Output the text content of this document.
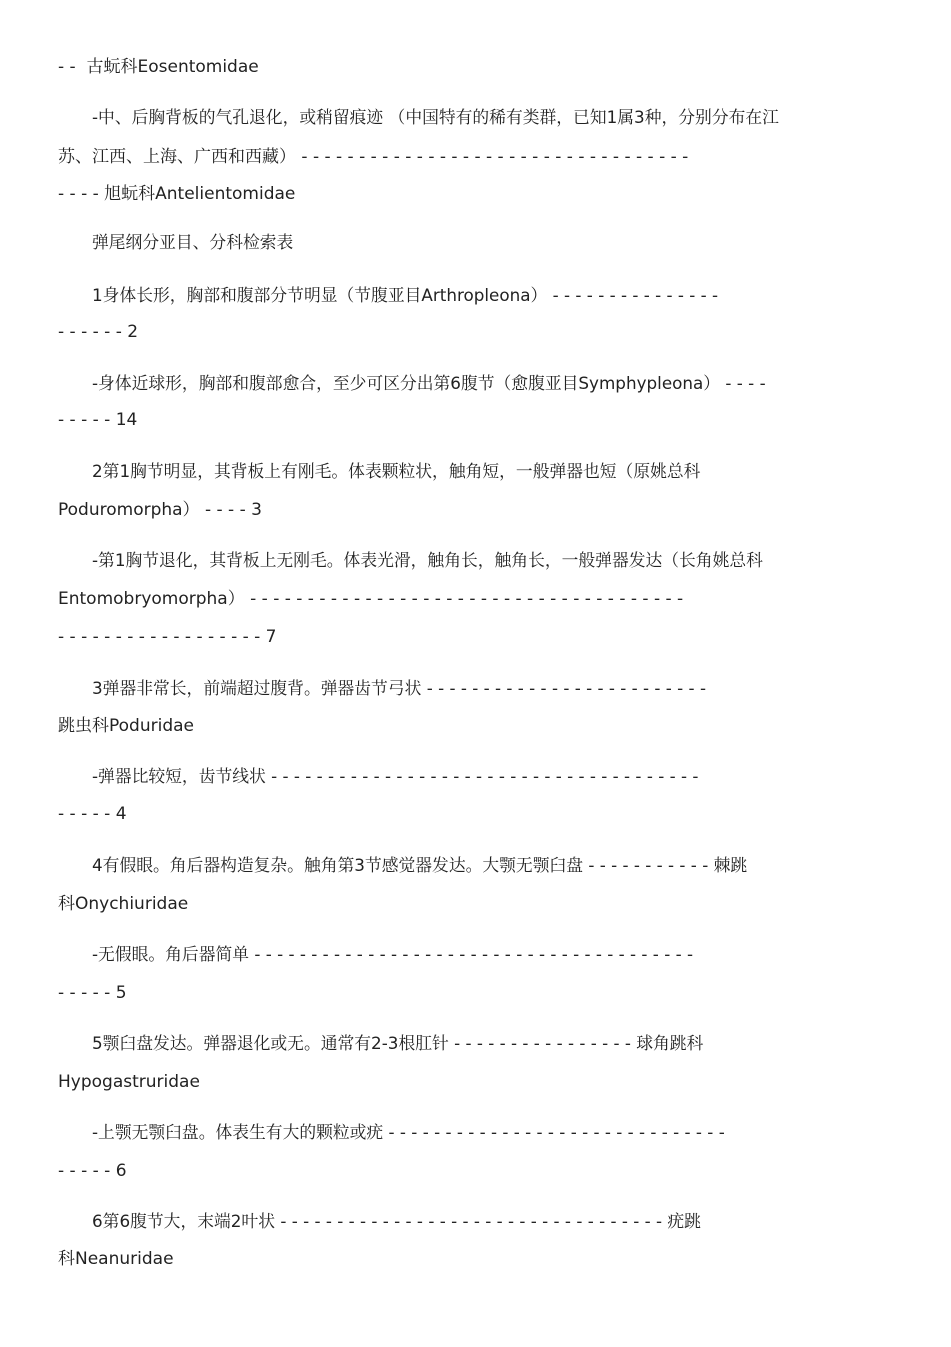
- -  古蚖科Eosentomidae
-中、后胸背板的气孔退化，或稍留痕迹 （中国特有的稀有类群，已知1属3种，分别分布在江
苏、江西、上海、广西和西藏） - - - - - - - - - - - - - - - - - - - - - - - - - - - - - - - - - -
- - - - 旭蚖科Antelientomidae
弹尾纲分亚目、分科检索表
1身体长形，胸部和腹部分节明显（节腹亚目Arthropleona） - - - - - - - - - - - - - - -
- - - - - - 2
-身体近球形，胸部和腹部愈合，至少可区分出第6腹节（愈腹亚目Symphypleona） - - - -
- - - - - 14
2第1胸节明显，其背板上有刚毛。体表颗粒状，触角短，一般弹器也短（原姚总科
Poduromorpha） - - - - 3
-第1胸节退化，其背板上无刚毛。体表光滑，触角长，触角长，一般弹器发达（长角姚总科
Entomobryomorpha） - - - - - - - - - - - - - - - - - - - - - - - - - - - - - - - - - - - - - -
- - - - - - - - - - - - - - - - - - 7
3弹器非常长，前端超过腹背。弹器齿节弓状 - - - - - - - - - - - - - - - - - - - - - - - - -
跳虫科Poduridae
-弹器比较短，齿节线状 - - - - - - - - - - - - - - - - - - - - - - - - - - - - - - - - - - - - - -
- - - - - 4
4有假眼。角后器构造复杂。触角第3节感觉器发达。大颚无颚臼盘 - - - - - - - - - - - 棘跳
科Onychiuridae
-无假眼。角后器简单 - - - - - - - - - - - - - - - - - - - - - - - - - - - - - - - - - - - - - - -
- - - - - 5
5颚臼盘发达。弹器退化或无。通常有2-3根肛针 - - - - - - - - - - - - - - - - 球角跳科
Hypogastruridae
-上颚无颚臼盘。体表生有大的颗粒或疣 - - - - - - - - - - - - - - - - - - - - - - - - - - - - - -
- - - - - 6
6第6腹节大，末端2叶状 - - - - - - - - - - - - - - - - - - - - - - - - - - - - - - - - - - 疣跳
科Neanuridae
